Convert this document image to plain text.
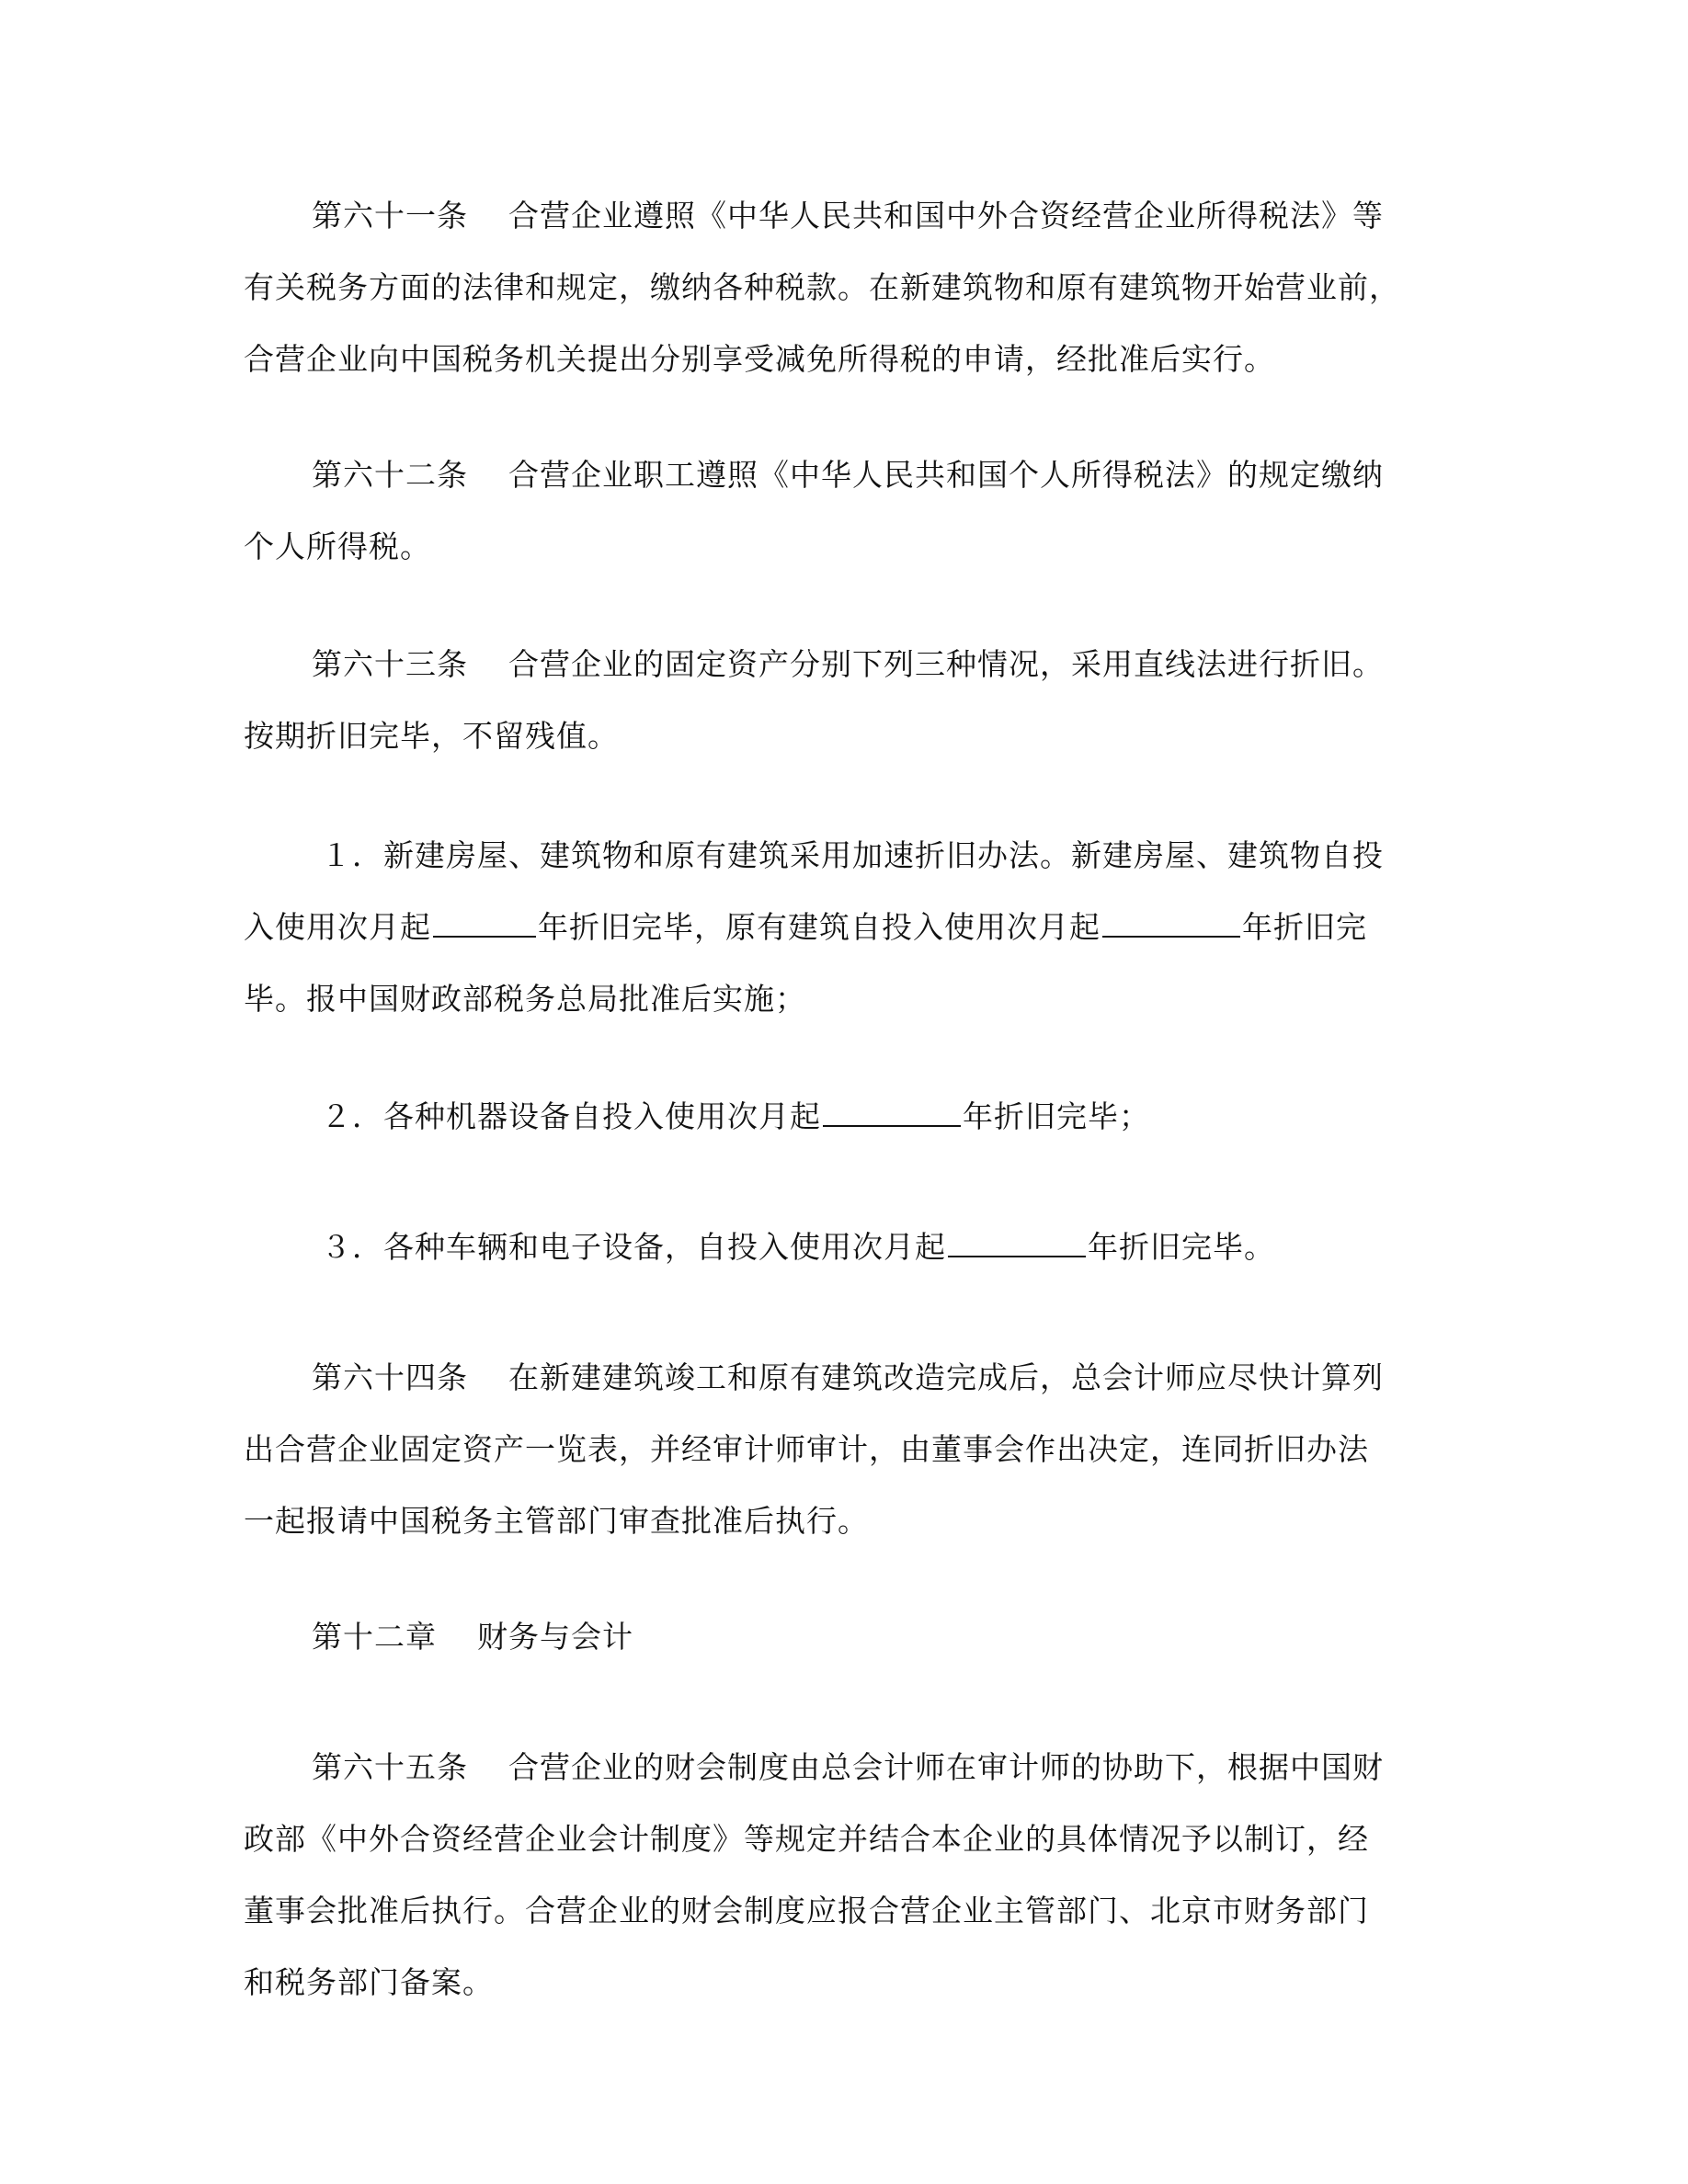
第六十一条 合营企业遵照《中华人民共和国中外合资经营企业所得税法》等
有关税务方面的法律和规定，缴纳各种税款。在新建筑物和原有建筑物开始营业前，
合营企业向中国税务机关提出分别享受减免所得税的申请，经批准后实行。
第六十二条 合营企业职工遵照《中华人民共和国个人所得税法》的规定缴纳
个人所得税。
第六十三条 合营企业的固定资产分别下列三种情况，采用直线法进行折旧。
按期折旧完毕，不留残值。
１．新建房屋、建筑物和原有建筑采用加速折旧办法。新建房屋、建筑物自投
入使用次月起	年折旧完毕，原有建筑自投入使用次月起	年折旧完
毕。报中国财政部税务总局批准后实施；
２．各种机器设备自投入使用次月起	年折旧完毕；
３．各种车辆和电子设备，自投入使用次月起	年折旧完毕。
第六十四条 在新建建筑竣工和原有建筑改造完成后，总会计师应尽快计算列
出合营企业固定资产一览表，并经审计师审计，由董事会作出决定，连同折旧办法
一起报请中国税务主管部门审查批准后执行。
第十二章 财务与会计
第六十五条 合营企业的财会制度由总会计师在审计师的协助下，根据中国财
政部《中外合资经营企业会计制度》等规定并结合本企业的具体情况予以制订，经
董事会批准后执行。合营企业的财会制度应报合营企业主管部门、北京市财务部门
和税务部门备案。
